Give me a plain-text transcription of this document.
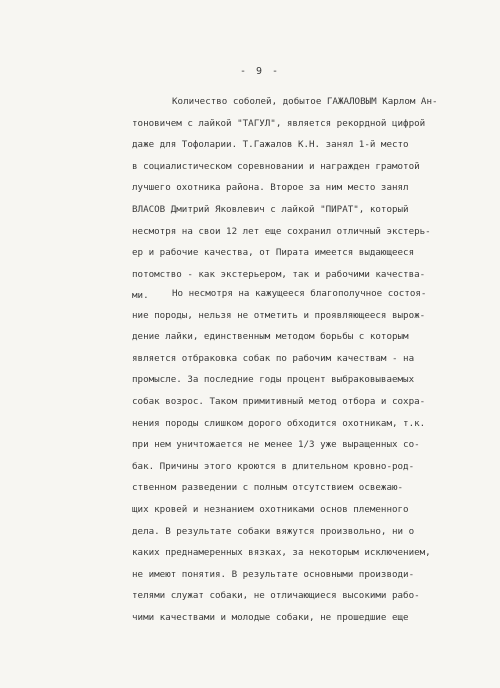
- 9 -
Количество соболей, добытое ГАЖАЛОВЫМ Карлом Ан-
тоновичем с лайкой "ТАГУЛ", является рекордной цифрой
даже для Тофоларии. Т.Гажалов К.Н. занял 1-й место
в социалистическом соревновании и награжден грамотой
лучшего охотника района. Второе за ним место занял
ВЛАСОВ Дмитрий Яковлевич с лайкой "ПИРАТ", который
несмотря на свои 12 лет еще сохранил отличный экстерь-
ер и рабочие качества, от Пирата имеется выдающееся
потомство - как экстерьером, так и рабочими качества-
ми.	Но несмотря на кажущееся благополучное состоя-
ние породы, нельзя не отметить и проявляющееся вырож-
дение лайки, единственным методом борьбы с которым
является отбраковка собак по рабочим качествам - на
промысле. За последние годы процент выбраковываемых
собак возрос. Таком примитивный метод отбора и сохра-
нения породы слишком дорого обходится охотникам, т.к.
при нем уничтожается не менее 1/3 уже выращенных со-
бак. Причины этого кроются в длительном кровно-род-
ственном разведении с полным отсутствием освежаю-
щих кровей и незнанием охотниками основ племенного
дела. В результате собаки вяжутся произвольно, ни о
каких преднамеренных вязках, за некоторым исключением,
не имеют понятия. В результате основными производи-
телями служат собаки, не отличающиеся высокими рабо-
чими качествами и молодые собаки, не прошедшие еще
